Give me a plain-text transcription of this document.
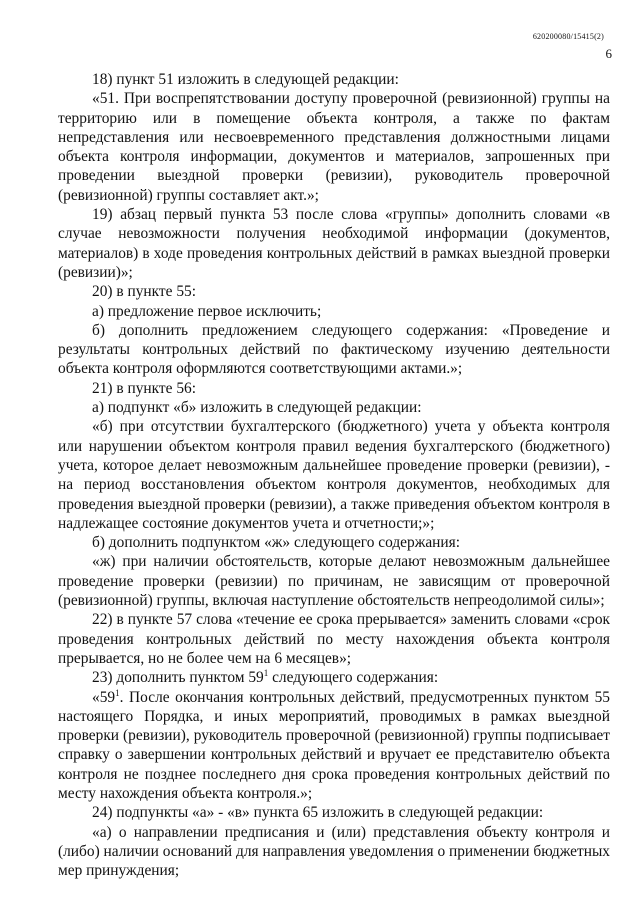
620200080/15415(2)
6

18) пункт 51 изложить в следующей редакции:

«51. При воспрепятствовании доступу проверочной (ревизионной) группы на территорию или в помещение объекта контроля, а также по фактам непредставления или несвоевременного представления должностными лицами объекта контроля информации, документов и материалов, запрошенных при проведении выездной проверки (ревизии), руководитель проверочной (ревизионной) группы составляет акт.»;

19) абзац первый пункта 53 после слова «группы» дополнить словами «в случае невозможности получения необходимой информации (документов, материалов) в ходе проведения контрольных действий в рамках выездной проверки (ревизии)»;

20) в пункте 55:

а) предложение первое исключить;

б) дополнить предложением следующего содержания: «Проведение и результаты контрольных действий по фактическому изучению деятельности объекта контроля оформляются соответствующими актами.»;

21) в пункте 56:

а) подпункт «б» изложить в следующей редакции:

«б) при отсутствии бухгалтерского (бюджетного) учета у объекта контроля или нарушении объектом контроля правил ведения бухгалтерского (бюджетного) учета, которое делает невозможным дальнейшее проведение проверки (ревизии), - на период восстановления объектом контроля документов, необходимых для проведения выездной проверки (ревизии), а также приведения объектом контроля в надлежащее состояние документов учета и отчетности;»;

б) дополнить подпунктом «ж» следующего содержания:

«ж) при наличии обстоятельств, которые делают невозможным дальнейшее проведение проверки (ревизии) по причинам, не зависящим от проверочной (ревизионной) группы, включая наступление обстоятельств непреодолимой силы»;

22) в пункте 57 слова «течение ее срока прерывается» заменить словами «срок проведения контрольных действий по месту нахождения объекта контроля прерывается, но не более чем на 6 месяцев»;

23) дополнить пунктом $59^1$ следующего содержания:

«$59^1$. После окончания контрольных действий, предусмотренных пунктом 55 настоящего Порядка, и иных мероприятий, проводимых в рамках выездной проверки (ревизии), руководитель проверочной (ревизионной) группы подписывает справку о завершении контрольных действий и вручает ее представителю объекта контроля не позднее последнего дня срока проведения контрольных действий по месту нахождения объекта контроля.»;

24) подпункты «а» - «в» пункта 65 изложить в следующей редакции:

«а) о направлении предписания и (или) представления объекту контроля и (либо) наличии оснований для направления уведомления о применении бюджетных мер принуждения;
